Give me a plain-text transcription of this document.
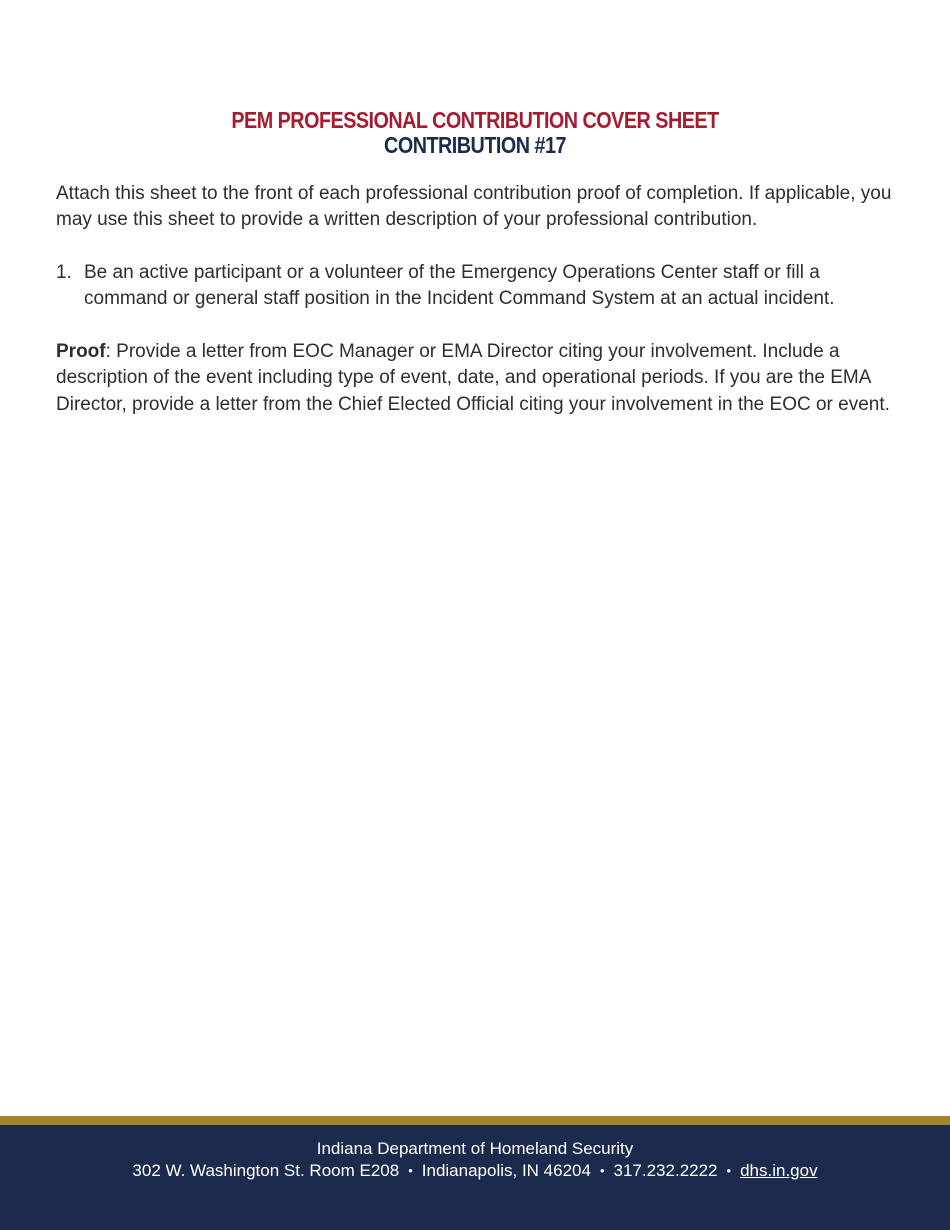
PEM PROFESSIONAL CONTRIBUTION COVER SHEET
CONTRIBUTION #17

Attach this sheet to the front of each professional contribution proof of completion. If applicable, you may use this sheet to provide a written description of your professional contribution.

1. Be an active participant or a volunteer of the Emergency Operations Center staff or fill a command or general staff position in the Incident Command System at an actual incident.

Proof: Provide a letter from EOC Manager or EMA Director citing your involvement. Include a description of the event including type of event, date, and operational periods. If you are the EMA Director, provide a letter from the Chief Elected Official citing your involvement in the EOC or event.

Indiana Department of Homeland Security
302 W. Washington St. Room E208 • Indianapolis, IN 46204 • 317.232.2222 • dhs.in.gov
